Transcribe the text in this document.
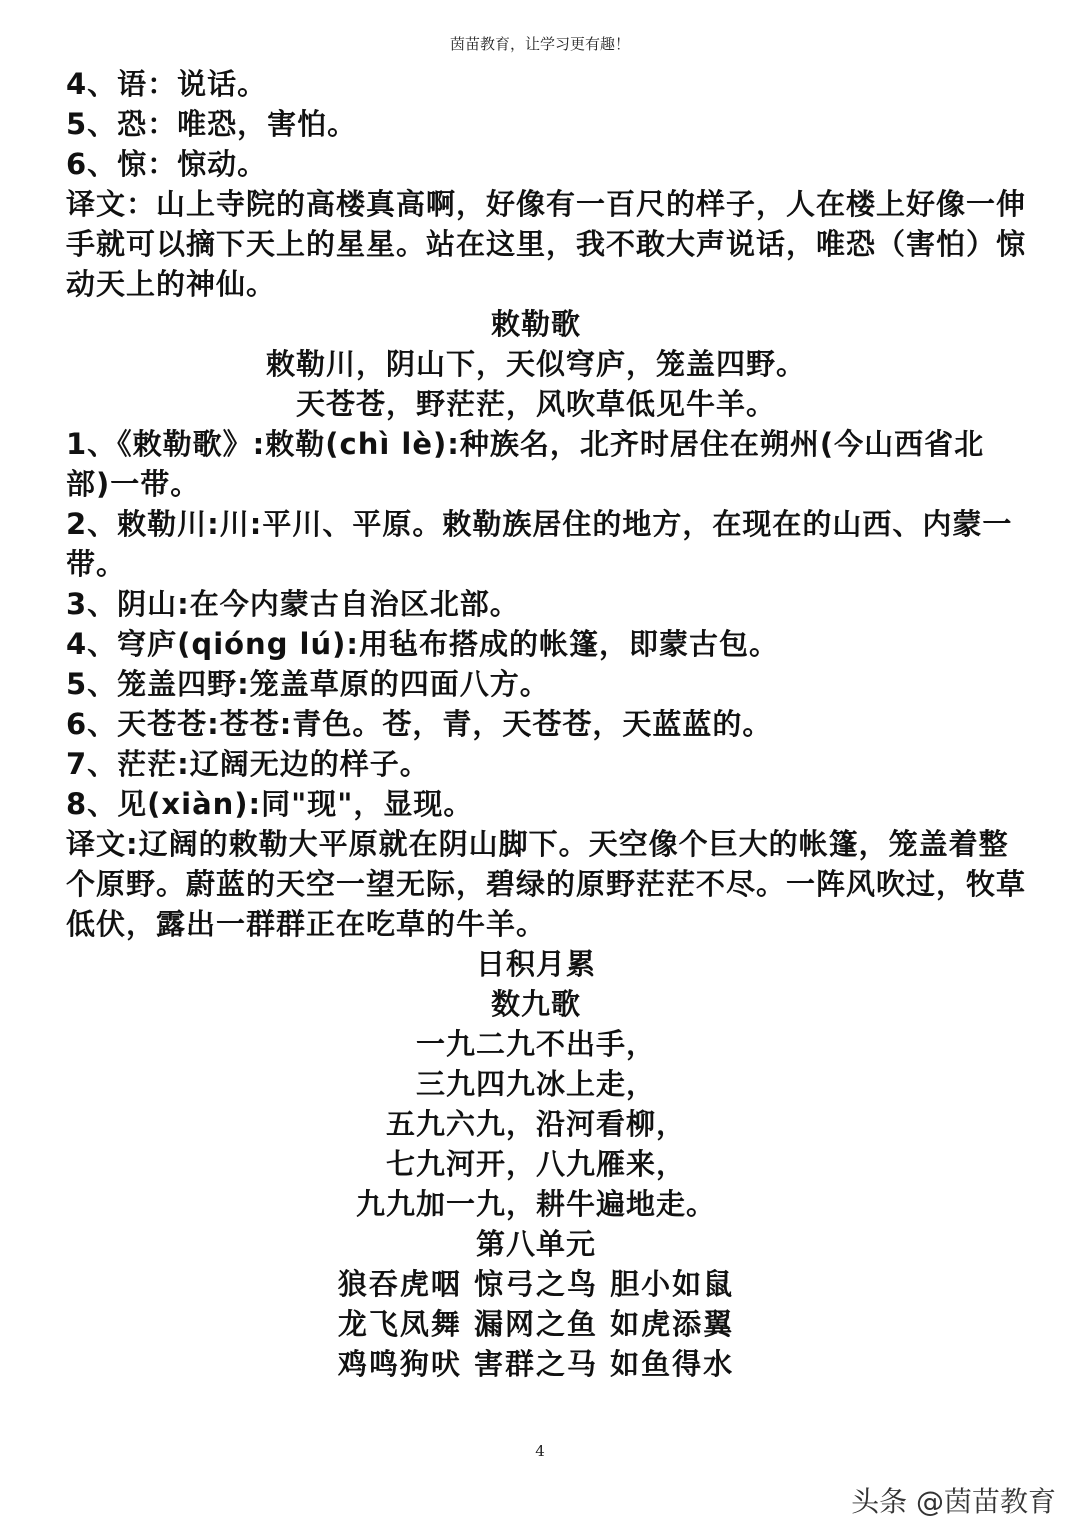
茵苗教育，让学习更有趣！

4、语：说话。

5、恐：唯恐，害怕。

6、惊：惊动。

译文：山上寺院的高楼真高啊，好像有一百尺的样子，人在楼上好像一伸手就可以摘下天上的星星。站在这里，我不敢大声说话，唯恐（害怕）惊动天上的神仙。

敕勒歌

敕勒川，阴山下，天似穹庐，笼盖四野。

天苍苍，野茫茫，风吹草低见牛羊。

1、《敕勒歌》:敕勒(chì lè):种族名，北齐时居住在朔州(今山西省北部)一带。

2、敕勒川:川:平川、平原。敕勒族居住的地方，在现在的山西、内蒙一带。

3、阴山:在今内蒙古自治区北部。

4、穹庐(qióng lú):用毡布搭成的帐篷，即蒙古包。

5、笼盖四野:笼盖草原的四面八方。

6、天苍苍:苍苍:青色。苍，青，天苍苍，天蓝蓝的。

7、茫茫:辽阔无边的样子。

8、见(xiàn):同"现"，显现。

译文:辽阔的敕勒大平原就在阴山脚下。天空像个巨大的帐篷，笼盖着整个原野。蔚蓝的天空一望无际，碧绿的原野茫茫不尽。一阵风吹过，牧草低伏，露出一群群正在吃草的牛羊。

日积月累

数九歌

一九二九不出手，

三九四九冰上走，

五九六九，沿河看柳，

七九河开，八九雁来，

九九加一九，耕牛遍地走。

第八单元

狼吞虎咽 惊弓之鸟 胆小如鼠

龙飞凤舞 漏网之鱼 如虎添翼

鸡鸣狗吠 害群之马 如鱼得水

4
头条 @茵苗教育
